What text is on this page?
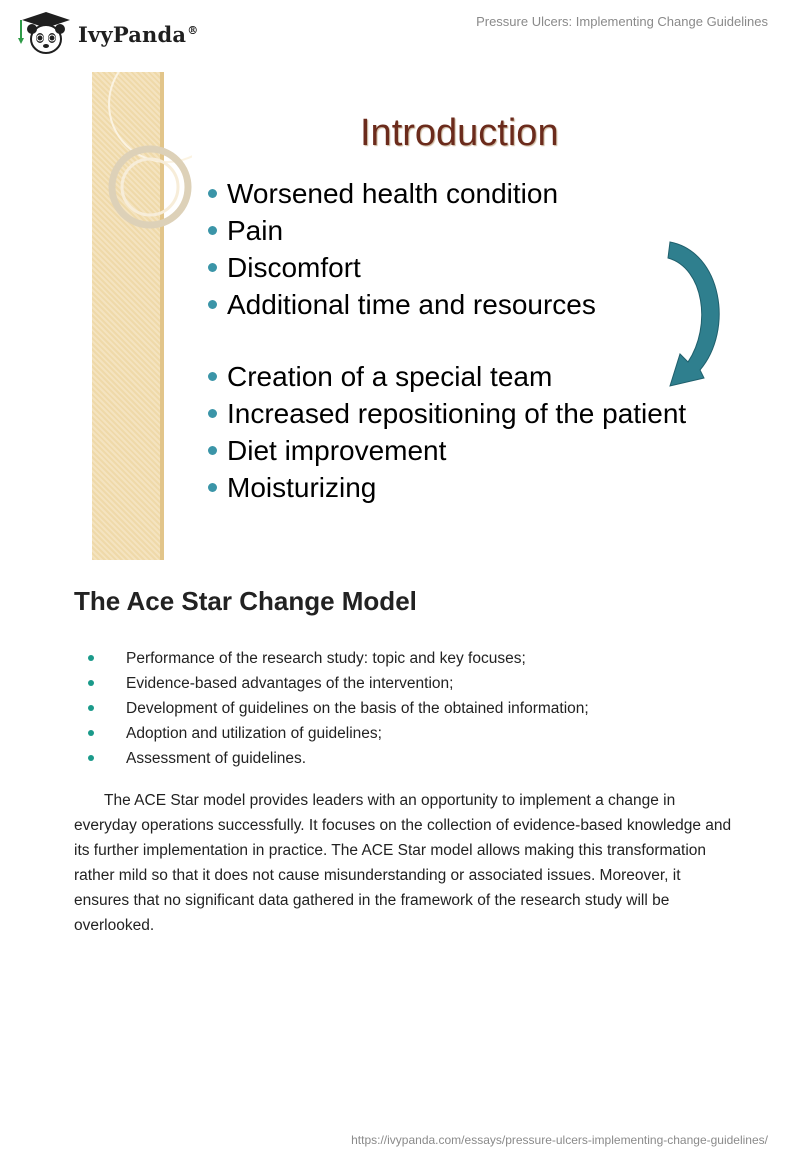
IvyPanda®
Pressure Ulcers: Implementing Change Guidelines
Introduction
Worsened health condition
Pain
Discomfort
Additional time and resources
Creation of a special team
Increased repositioning of the patient
Diet improvement
Moisturizing
The Ace Star Change Model
Performance of the research study: topic and key focuses;
Evidence-based advantages of the intervention;
Development of guidelines on the basis of the obtained information;
Adoption and utilization of guidelines;
Assessment of guidelines.

The ACE Star model provides leaders with an opportunity to implement a change in everyday operations successfully. It focuses on the collection of evidence-based knowledge and its further implementation in practice. The ACE Star model allows making this transformation rather mild so that it does not cause misunderstanding or associated issues. Moreover, it ensures that no significant data gathered in the framework of the research study will be overlooked.

https://ivypanda.com/essays/pressure-ulcers-implementing-change-guidelines/
